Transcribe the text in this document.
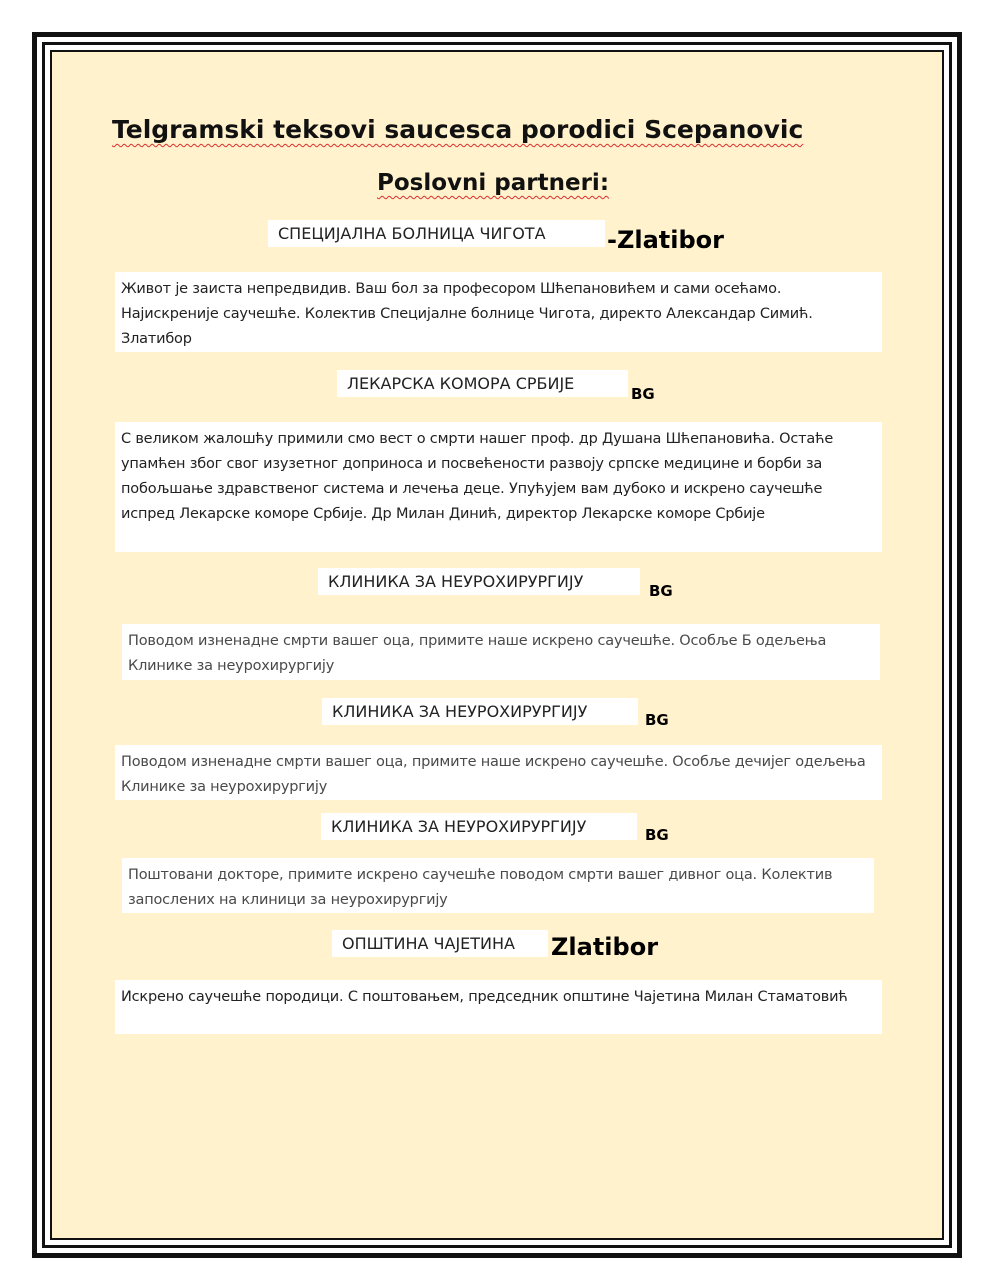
Telgramski teksovi saucesca porodici Scepanovic
Poslovni partneri:
СПЕЦИЈАЛНА БОЛНИЦА ЧИГОТА	-Zlatibor
Живот је заиста непредвидив. Ваш бол за професором Шћепановићем и сами осећамо. Најискреније саучешће. Колектив Специјалне болнице Чигота, директо Александар Симић. Златибор
ЛЕКАРСКА КОМОРА СРБИЈЕ
BG
С великом жалошћу примили смо вест о смрти нашег проф. др Душана Шћепановића. Остаће упамћен због свог изузетног доприноса и посвећености развоју српске медицине и борби за побољшање здравственог система и лечења деце. Упућујем вам дубоко и искрено саучешће испред Лекарске коморе Србије. Др Милан Динић, директор Лекарске коморе Србије
КЛИНИКА ЗА НЕУРОХИРУРГИЈУ	BG
Поводом изненадне смрти вашег оца, примите наше искрено саучешће. Особље Б одељења Клинике за неурохирургију
КЛИНИКА ЗА НЕУРОХИРУРГИЈУ	BG
Поводом изненадне смрти вашег оца, примите наше искрено саучешће. Особље дечијег одељења Клинике за неурохирургију
КЛИНИКА ЗА НЕУРОХИРУРГИЈУ	BG
Поштовани докторе, примите искрено саучешће поводом смрти вашег дивног оца. Колектив запослених на клиници за неурохирургију
ОПШТИНА ЧАЈЕТИНА	Zlatibor
Искрено саучешће породици. С поштовањем, председник општине Чајетина Милан Стаматовић
